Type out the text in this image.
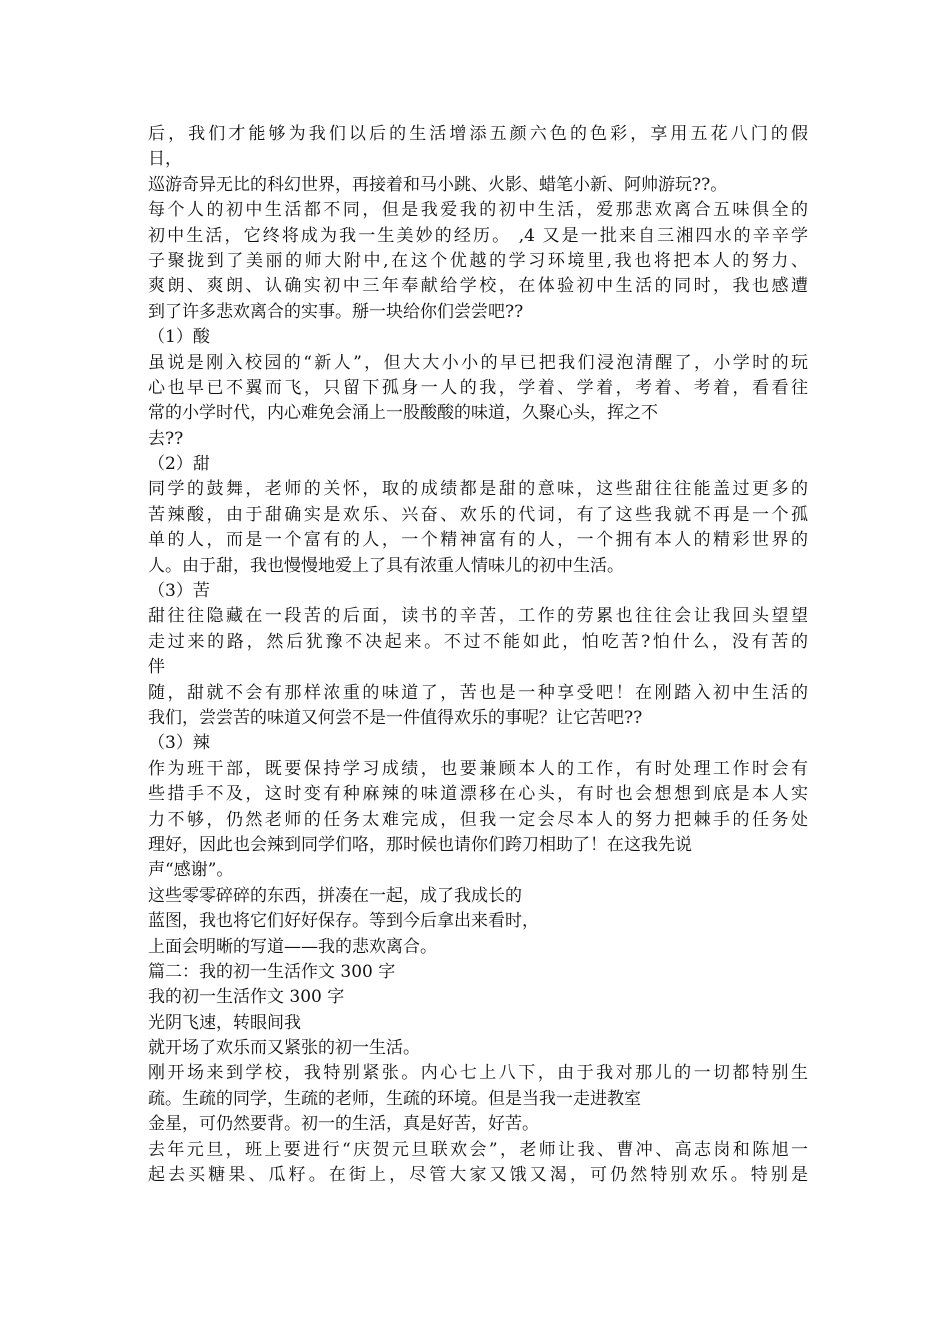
后，我们才能够为我们以后的生活增添五颜六色的色彩，享用五花八门的假
日，
巡游奇异无比的科幻世界，再接着和马小跳、火影、蜡笔小新、阿帅游玩??。
每个人的初中生活都不同，但是我爱我的初中生活，爱那悲欢离合五味俱全的
初中生活，它终将成为我一生美妙的经历。 ,4 又是一批来自三湘四水的辛辛学
子聚拢到了美丽的师大附中,在这个优越的学习环境里,我也将把本人的努力、
爽朗、爽朗、认确实初中三年奉献给学校，在体验初中生活的同时，我也感遭
到了许多悲欢离合的实事。掰一块给你们尝尝吧??
（1）酸
虽说是刚入校园的“新人”，但大大小小的早已把我们浸泡清醒了，小学时的玩
心也早已不翼而飞，只留下孤身一人的我，学着、学着，考着、考着，看看往
常的小学时代，内心难免会涌上一股酸酸的味道，久聚心头，挥之不
去??
（2）甜
同学的鼓舞，老师的关怀，取的成绩都是甜的意味，这些甜往往能盖过更多的
苦辣酸，由于甜确实是欢乐、兴奋、欢乐的代词，有了这些我就不再是一个孤
单的人，而是一个富有的人，一个精神富有的人，一个拥有本人的精彩世界的
人。由于甜，我也慢慢地爱上了具有浓重人情味儿的初中生活。
（3）苦
甜往往隐藏在一段苦的后面，读书的辛苦，工作的劳累也往往会让我回头望望
走过来的路，然后犹豫不决起来。不过不能如此，怕吃苦?怕什么，没有苦的
伴
随，甜就不会有那样浓重的味道了，苦也是一种享受吧！在刚踏入初中生活的
我们，尝尝苦的味道又何尝不是一件值得欢乐的事呢？让它苦吧??
（3）辣
作为班干部，既要保持学习成绩，也要兼顾本人的工作，有时处理工作时会有
些措手不及，这时变有种麻辣的味道漂移在心头，有时也会想想到底是本人实
力不够，仍然老师的任务太难完成，但我一定会尽本人的努力把棘手的任务处
理好，因此也会辣到同学们咯，那时候也请你们跨刀相助了！在这我先说
声“感谢”。
这些零零碎碎的东西，拼凑在一起，成了我成长的
蓝图，我也将它们好好保存。等到今后拿出来看时，
上面会明晰的写道——我的悲欢离合。
篇二：我的初一生活作文 300 字
我的初一生活作文 300 字
光阴飞速，转眼间我
就开场了欢乐而又紧张的初一生活。
刚开场来到学校，我特别紧张。内心七上八下，由于我对那儿的一切都特别生
疏。生疏的同学，生疏的老师，生疏的环境。但是当我一走进教室
金星，可仍然要背。初一的生活，真是好苦，好苦。
去年元旦，班上要进行“庆贺元旦联欢会”，老师让我、曹冲、高志岗和陈旭一
起去买糖果、瓜籽。在街上，尽管大家又饿又渴，可仍然特别欢乐。特别是
